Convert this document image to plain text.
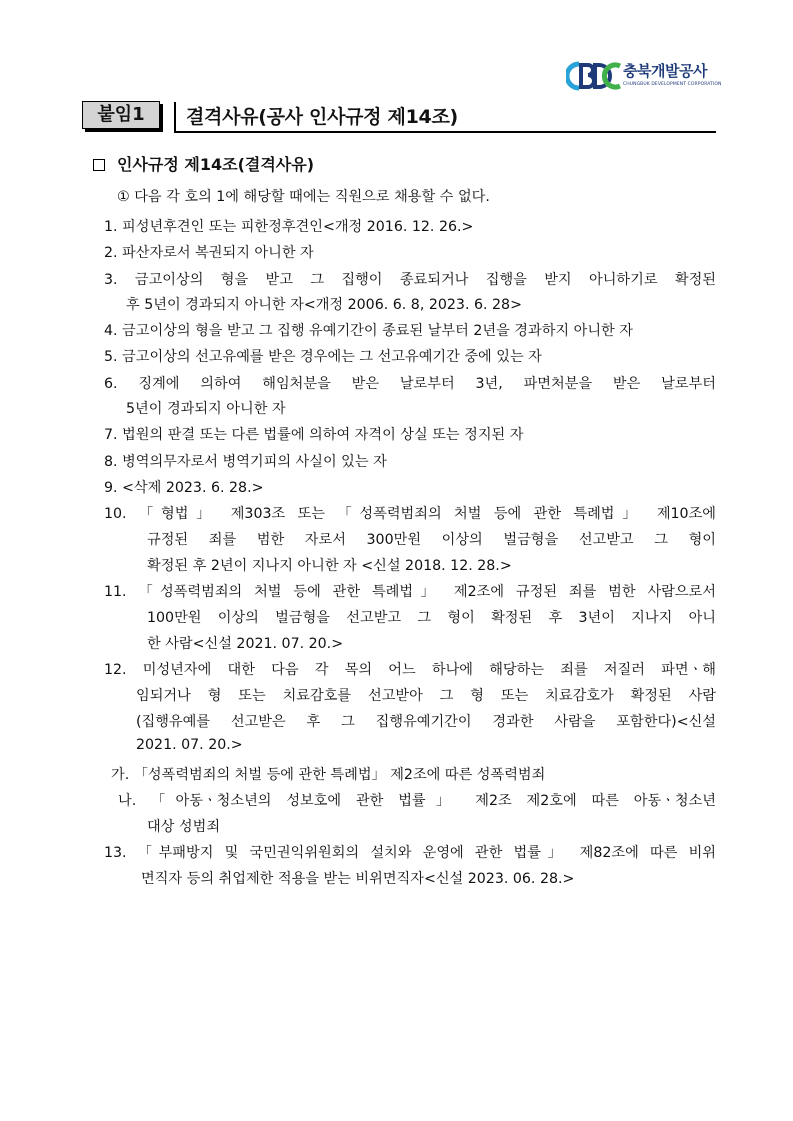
충북개발공사
CHUNGBUK DEVELOPMENT CORPORATION
붙임1	결격사유(공사 인사규정 제14조)
인사규정 제14조(결격사유)
① 다음 각 호의 1에 해당할 때에는 직원으로 채용할 수 없다.
1. 피성년후견인 또는 피한정후견인<개정 2016. 12. 26.>
2. 파산자로서 복권되지 아니한 자
3. 금고이상의 형을 받고 그 집행이 종료되거나 집행을 받지 아니하기로 확정된
후 5년이 경과되지 아니한 자<개정 2006. 6. 8, 2023. 6. 28>
4. 금고이상의 형을 받고 그 집행 유예기간이 종료된 날부터 2년을 경과하지 아니한 자
5. 금고이상의 선고유예를 받은 경우에는 그 선고유예기간 중에 있는 자
6. 징계에 의하여 해임처분을 받은 날로부터 3년, 파면처분을 받은 날로부터
5년이 경과되지 아니한 자
7. 법원의 판결 또는 다른 법률에 의하여 자격이 상실 또는 정지된 자
8. 병역의무자로서 병역기피의 사실이 있는 자
9. <삭제 2023. 6. 28.>
10. 「형법」 제303조 또는 「성폭력범죄의 처벌 등에 관한 특례법」 제10조에
규정된 죄를 범한 자로서 300만원 이상의 벌금형을 선고받고 그 형이
확정된 후 2년이 지나지 아니한 자 <신설 2018. 12. 28.>
11. 「성폭력범죄의 처벌 등에 관한 특례법」 제2조에 규정된 죄를 범한 사람으로서
100만원 이상의 벌금형을 선고받고 그 형이 확정된 후 3년이 지나지 아니
한 사람<신설 2021. 07. 20.>
12. 미성년자에 대한 다음 각 목의 어느 하나에 해당하는 죄를 저질러 파면ㆍ해
임되거나 형 또는 치료감호를 선고받아 그 형 또는 치료감호가 확정된 사람
(집행유예를 선고받은 후 그 집행유예기간이 경과한 사람을 포함한다)<신설
2021. 07. 20.>
가. 「성폭력범죄의 처벌 등에 관한 특례법」 제2조에 따른 성폭력범죄
나. 「아동ㆍ청소년의 성보호에 관한 법률」 제2조 제2호에 따른 아동ㆍ청소년
대상 성범죄
13. 「부패방지 및 국민권익위원회의 설치와 운영에 관한 법률」 제82조에 따른 비위
면직자 등의 취업제한 적용을 받는 비위면직자<신설 2023. 06. 28.>
